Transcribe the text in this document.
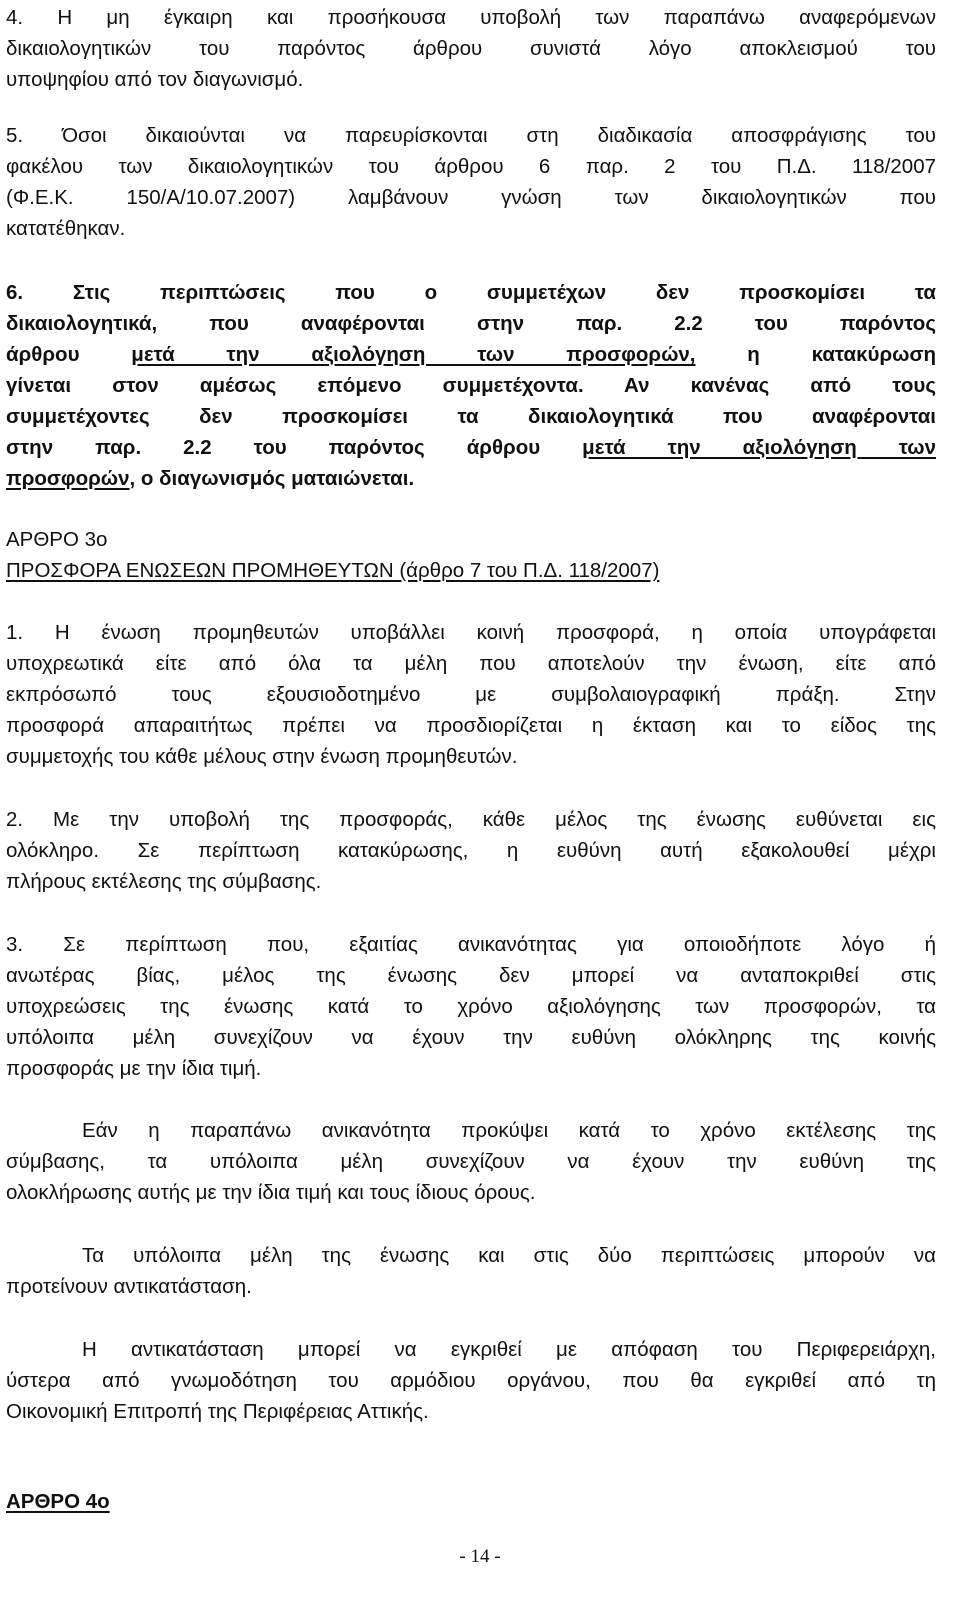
4. Η μη έγκαιρη και προσήκουσα υποβολή των παραπάνω αναφερόμενων
δικαιολογητικών του παρόντος άρθρου συνιστά λόγο αποκλεισμού του
υποψηφίου από τον διαγωνισμό.
5. Όσοι δικαιούνται να παρευρίσκονται στη διαδικασία αποσφράγισης του
φακέλου των δικαιολογητικών του άρθρου 6 παρ. 2 του Π.Δ. 118/2007
(Φ.Ε.Κ. 150/Α/10.07.2007) λαμβάνουν γνώση των δικαιολογητικών που
κατατέθηκαν.
6. Στις περιπτώσεις που ο συμμετέχων δεν προσκομίσει τα
δικαιολογητικά, που αναφέρονται στην παρ. 2.2 του παρόντος
άρθρου μετά την αξιολόγηση των προσφορών, η κατακύρωση
γίνεται στον αμέσως επόμενο συμμετέχοντα. Αν κανένας από τους
συμμετέχοντες δεν προσκομίσει τα δικαιολογητικά που αναφέρονται
στην παρ. 2.2 του παρόντος άρθρου μετά την αξιολόγηση των
προσφορών, ο διαγωνισμός ματαιώνεται.
ΑΡΘΡΟ 3ο
ΠΡΟΣΦΟΡΑ ΕΝΩΣΕΩΝ ΠΡΟΜΗΘΕΥΤΩΝ (άρθρο 7 του Π.Δ. 118/2007)
1. Η ένωση προμηθευτών υποβάλλει κοινή προσφορά, η οποία υπογράφεται
υποχρεωτικά είτε από όλα τα μέλη που αποτελούν την ένωση, είτε από
εκπρόσωπό τους εξουσιοδοτημένο με συμβολαιογραφική πράξη. Στην
προσφορά απαραιτήτως πρέπει να προσδιορίζεται η έκταση και το είδος της
συμμετοχής του κάθε μέλους στην ένωση προμηθευτών.
2. Με την υποβολή της προσφοράς, κάθε μέλος της ένωσης ευθύνεται εις
ολόκληρο. Σε περίπτωση κατακύρωσης, η ευθύνη αυτή εξακολουθεί μέχρι
πλήρους εκτέλεσης της σύμβασης.
3. Σε περίπτωση που, εξαιτίας ανικανότητας για οποιοδήποτε λόγο ή
ανωτέρας βίας, μέλος της ένωσης δεν μπορεί να ανταποκριθεί στις
υποχρεώσεις της ένωσης κατά το χρόνο αξιολόγησης των προσφορών, τα
υπόλοιπα μέλη συνεχίζουν να έχουν την ευθύνη ολόκληρης της κοινής
προσφοράς με την ίδια τιμή.
Εάν η παραπάνω ανικανότητα προκύψει κατά το χρόνο εκτέλεσης της
σύμβασης, τα υπόλοιπα μέλη συνεχίζουν να έχουν την ευθύνη της
ολοκλήρωσης αυτής με την ίδια τιμή και τους ίδιους όρους.
Τα υπόλοιπα μέλη της ένωσης και στις δύο περιπτώσεις μπορούν να
προτείνουν αντικατάσταση.
Η αντικατάσταση μπορεί να εγκριθεί με απόφαση του Περιφερειάρχη,
ύστερα από γνωμοδότηση του αρμόδιου οργάνου, που θα εγκριθεί από τη
Οικονομική Επιτροπή της Περιφέρειας Αττικής.
ΑΡΘΡΟ 4ο
- 14 -
